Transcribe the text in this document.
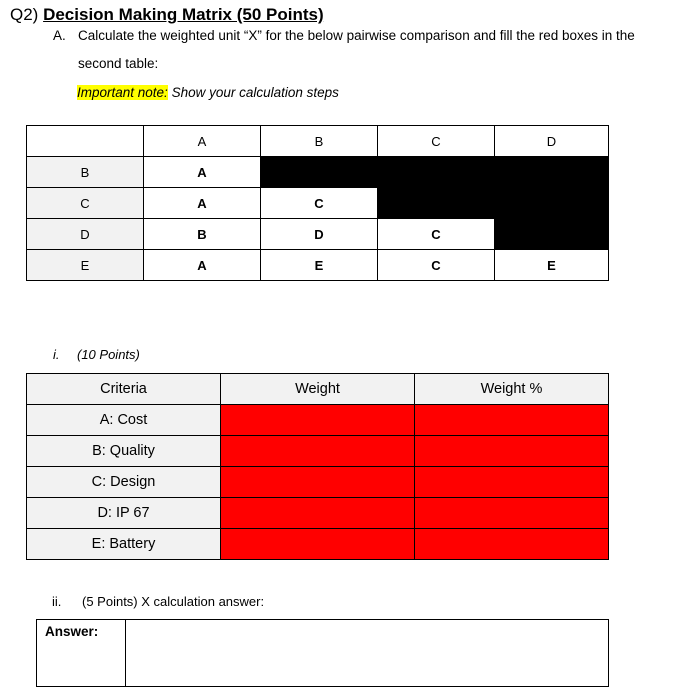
Q2) Decision Making Matrix (50 Points)
A. Calculate the weighted unit “X” for the below pairwise comparison and fill the red boxes in the second table:
Important note: Show your calculation steps
	A	B	C	D
B	A			
C	A	C		
D	B	D	C	
E	A	E	C	E
i. (10 Points)
Criteria	Weight	Weight %
A: Cost		
B: Quality		
C: Design		
D: IP 67		
E: Battery		
ii. (5 Points) X calculation answer:
Answer:	
